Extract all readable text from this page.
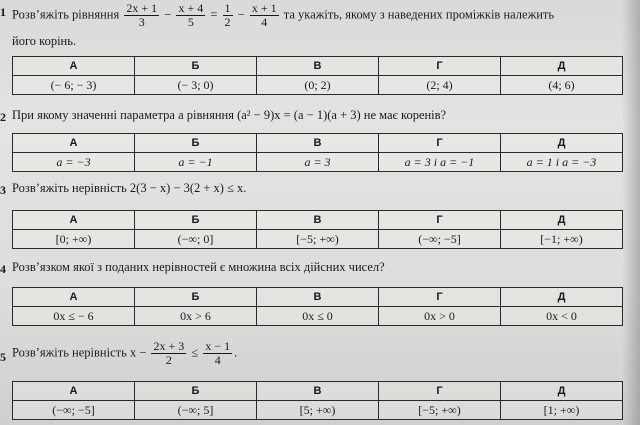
1 Розв’яжіть рівняння $\frac{2x + 1}{3} - \frac{x + 4}{5} = \frac{1}{2} - \frac{x + 1}{4}$ та укажіть, якому з наведених проміжків належить
його корінь.
А	Б	В	Г	Д
(− 6; − 3)	(− 3; 0)	(0; 2)	(2; 4)	(4; 6)
2 При якому значенні параметра a рівняння (a² − 9)x = (a − 1)(a + 3) не має коренів?
А	Б	В	Г	Д
a = −3	a = −1	a = 3	a = 3 і a = −1	a = 1 і a = −3
3 Розв’яжіть нерівність 2(3 − x) − 3(2 + x) ≤ x.
А	Б	В	Г	Д
[0; +∞)	(−∞; 0]	[−5; +∞)	(−∞; −5]	[−1; +∞)
4 Розв’язком якої з поданих нерівностей є множина всіх дійсних чисел?
А	Б	В	Г	Д
0x ≤ − 6	0x > 6	0x ≤ 0	0x > 0	0x < 0
5 Розв’яжіть нерівність $x - \frac{2x + 3}{2} \le \frac{x - 1}{4}$ .
А	Б	В	Г	Д
(−∞; −5]	(−∞; 5]	[5; +∞)	[−5; +∞)	[1; +∞)
